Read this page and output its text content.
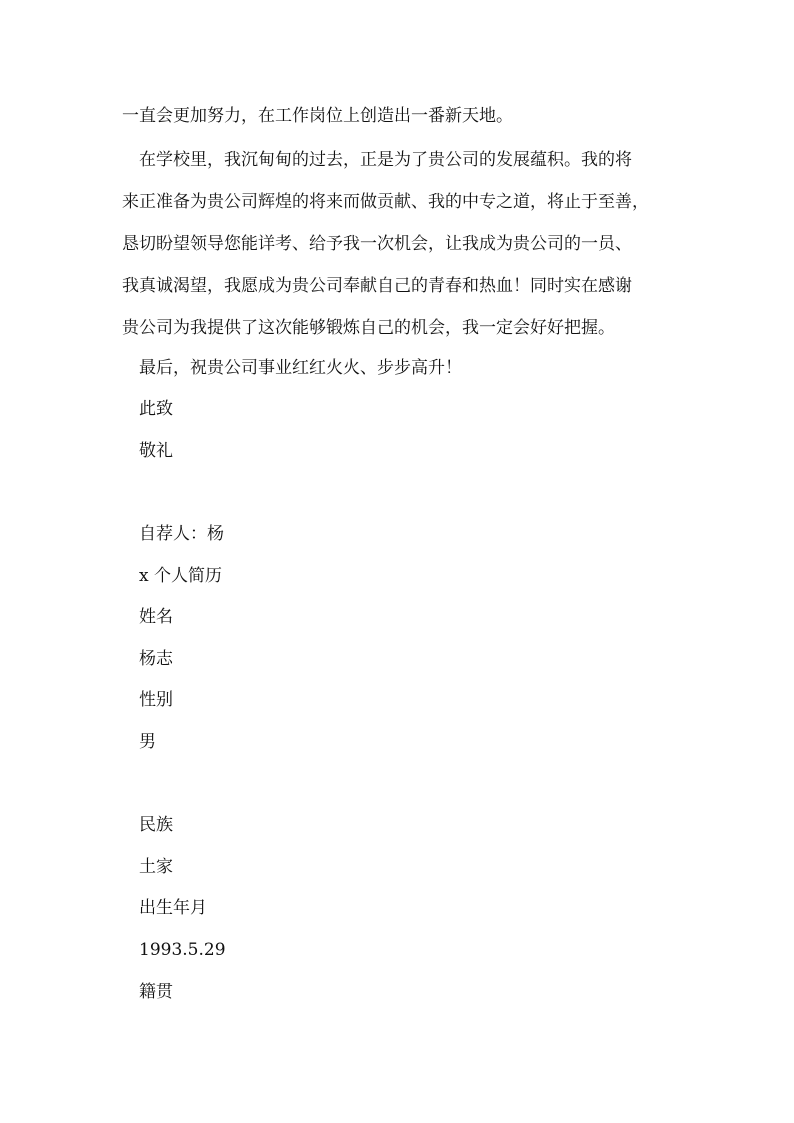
一直会更加努力，在工作岗位上创造出一番新天地。
在学校里，我沉甸甸的过去，正是为了贵公司的发展蕴积。我的将
来正准备为贵公司辉煌的将来而做贡献、我的中专之道，将止于至善，
恳切盼望领导您能详考、给予我一次机会，让我成为贵公司的一员、
我真诚渴望，我愿成为贵公司奉献自己的青春和热血！同时实在感谢
贵公司为我提供了这次能够锻炼自己的机会，我一定会好好把握。
最后，祝贵公司事业红红火火、步步高升！
此致
敬礼
自荐人：杨
x 个人简历
姓名
杨志
性别
男
民族
土家
出生年月
1993.5.29
籍贯
